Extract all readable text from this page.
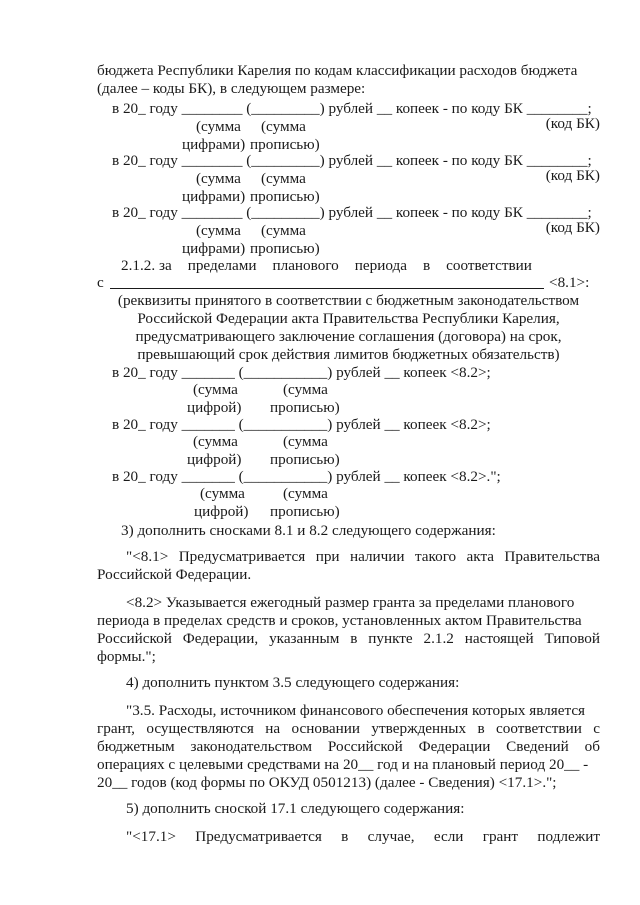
бюджета Республики Карелия по кодам классификации расходов бюджета
(далее – коды БК), в следующем размере:
в 20_ году ________ (_________) рублей __ копеек - по коду БК ________;
(сумма (сумма	(код БК)
цифрами) прописью)
в 20_ году ________ (_________) рублей __ копеек - по коду БК ________;
(сумма (сумма	(код БК)
цифрами) прописью)
в 20_ году ________ (_________) рублей __ копеек - по коду БК ________;
(сумма (сумма	(код БК)
цифрами) прописью)
2.1.2. за пределами планового периода в соответствии
с	<8.1>:
(реквизиты принятого в соответствии с бюджетным законодательством
Российской Федерации акта Правительства Республики Карелия,
предусматривающего заключение соглашения (договора) на срок,
превышающий срок действия лимитов бюджетных обязательств)
в 20_ году _______ (___________) рублей __ копеек <8.2>;
(сумма	(сумма
цифрой) прописью)
в 20_ году _______ (___________) рублей __ копеек <8.2>;
(сумма	(сумма
цифрой) прописью)
в 20_ году _______ (___________) рублей __ копеек <8.2>.";
(сумма	(сумма
цифрой) прописью)
3) дополнить сносками 8.1 и 8.2 следующего содержания:
"<8.1> Предусматривается при наличии такого акта Правительства
Российской Федерации.
<8.2> Указывается ежегодный размер гранта за пределами планового
периода в пределах средств и сроков, установленных актом Правительства
Российской Федерации, указанным в пункте 2.1.2 настоящей Типовой
формы.";
4) дополнить пунктом 3.5 следующего содержания:
"3.5. Расходы, источником финансового обеспечения которых является
грант, осуществляются на основании утвержденных в соответствии с
бюджетным законодательством Российской Федерации Сведений об
операциях с целевыми средствами на 20__ год и на плановый период 20__ -
20__ годов (код формы по ОКУД 0501213) (далее - Сведения) <17.1>.";
5) дополнить сноской 17.1 следующего содержания:
"<17.1> Предусматривается в случае, если грант подлежит
